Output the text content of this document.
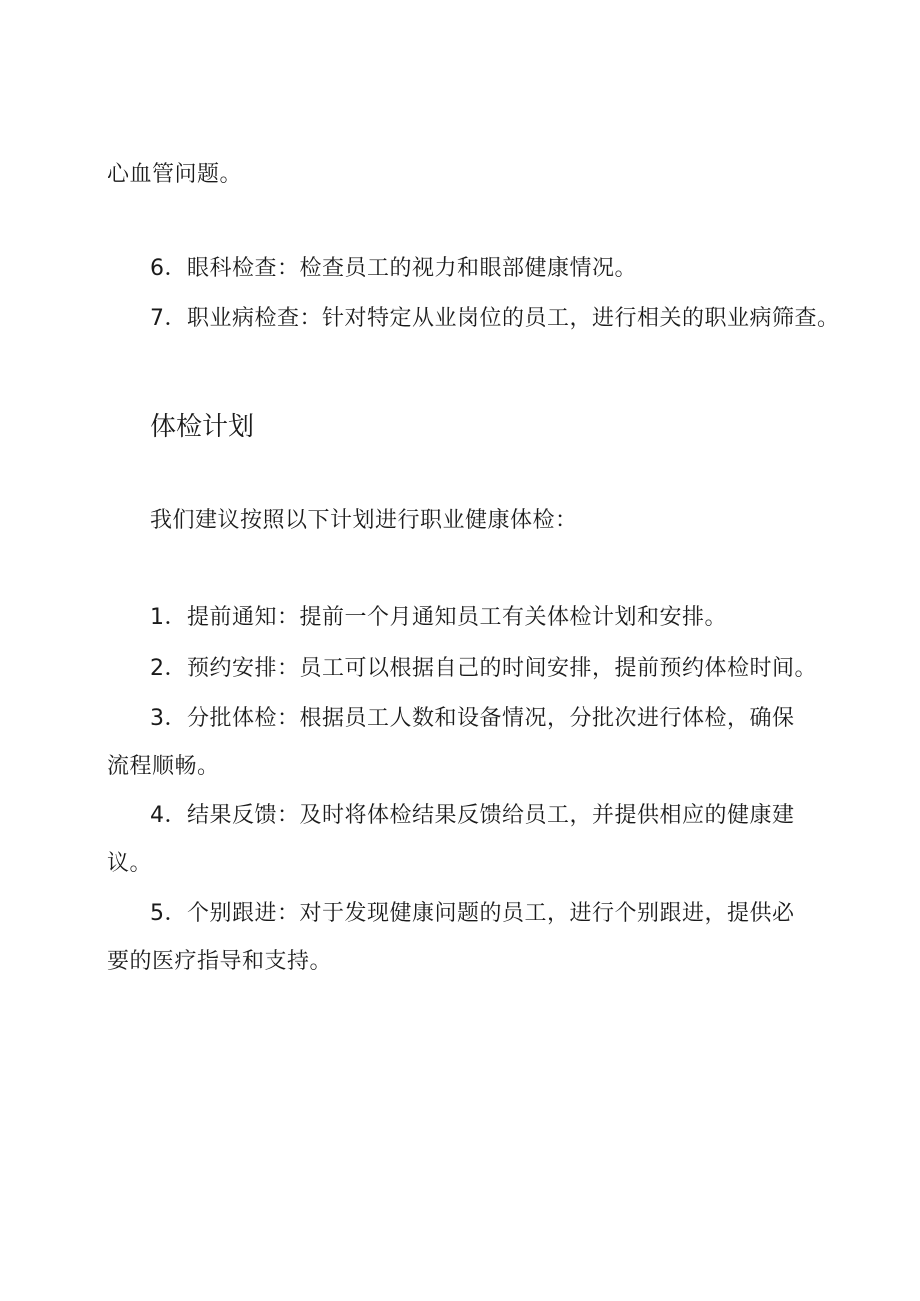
心血管问题。
6．眼科检查：检查员工的视力和眼部健康情况。
7．职业病检查：针对特定从业岗位的员工，进行相关的职业病筛查。
体检计划
我们建议按照以下计划进行职业健康体检：
1．提前通知：提前一个月通知员工有关体检计划和安排。
2．预约安排：员工可以根据自己的时间安排，提前预约体检时间。
3．分批体检：根据员工人数和设备情况，分批次进行体检，确保
流程顺畅。
4．结果反馈：及时将体检结果反馈给员工，并提供相应的健康建
议。
5．个别跟进：对于发现健康问题的员工，进行个别跟进，提供必
要的医疗指导和支持。
